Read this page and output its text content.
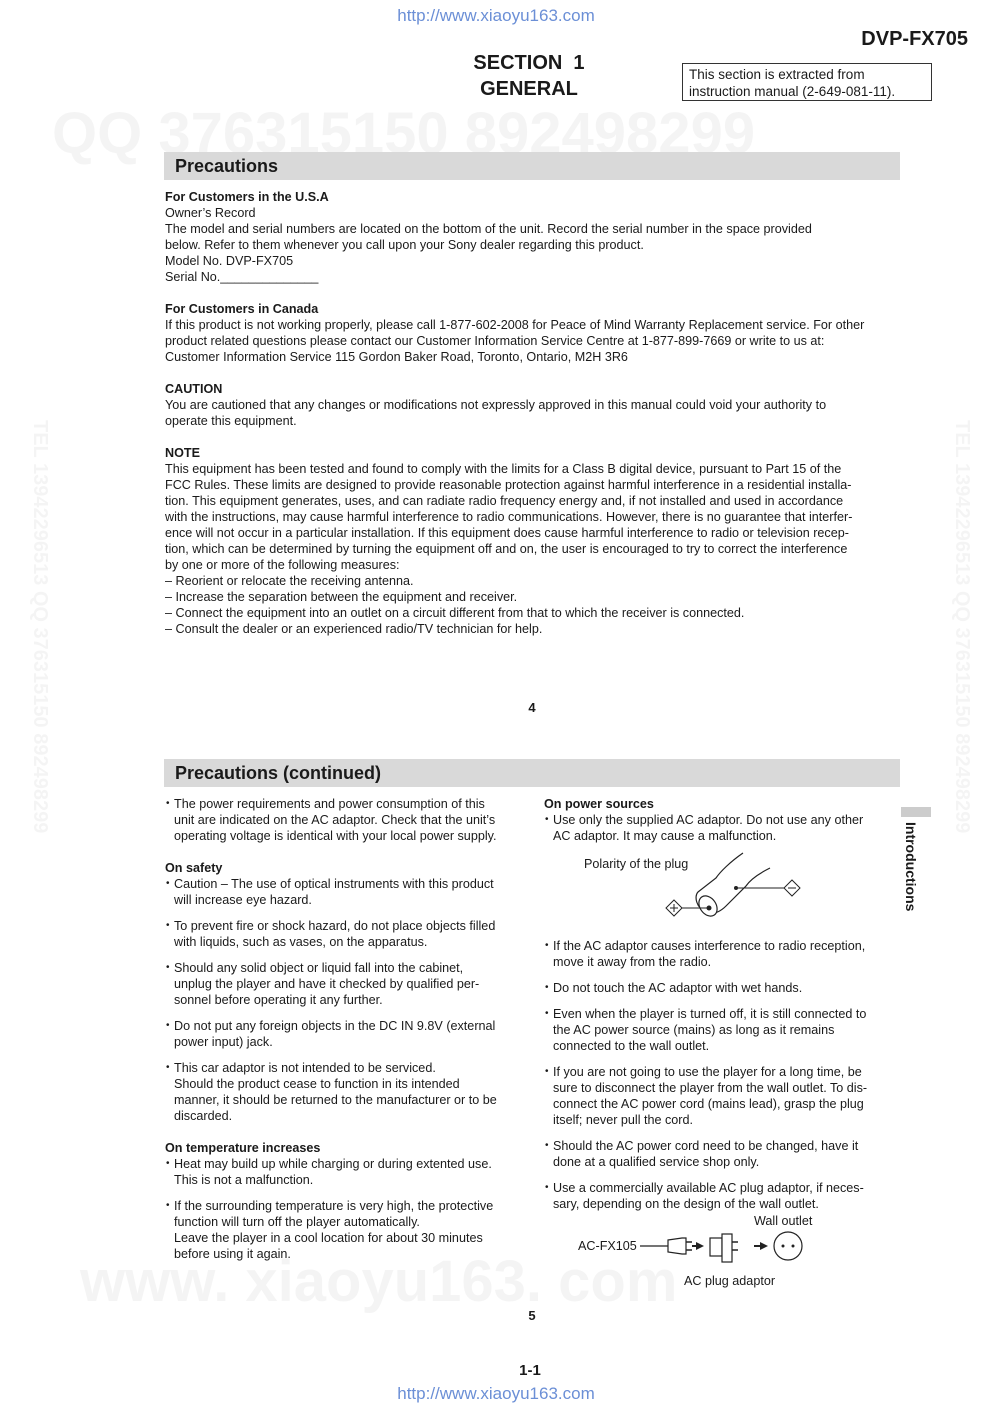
http://www.xiaoyu163.com
DVP-FX705
SECTION  1
GENERAL
This section is extracted from instruction manual (2-649-081-11).
Precautions

For Customers in the U.S.A

Owner’s Record

The model and serial numbers are located on the bottom of the unit. Record the serial number in the space provided

below. Refer to them whenever you call upon your Sony dealer regarding this product.

Model No. DVP-FX705

Serial No.______________

For Customers in Canada

If this product is not working properly, please call 1-877-602-2008 for Peace of Mind Warranty Replacement service. For other

product related questions please contact our Customer Information Service Centre at 1-877-899-7669 or write to us at:

Customer Information Service 115 Gordon Baker Road, Toronto, Ontario, M2H 3R6

CAUTION

You are cautioned that any changes or modifications not expressly approved in this manual could void your authority to

operate this equipment.

NOTE

This equipment has been tested and found to comply with the limits for a Class B digital device, pursuant to Part 15 of the

FCC Rules. These limits are designed to provide reasonable protection against harmful interference in a residential installa-

tion. This equipment generates, uses, and can radiate radio frequency energy and, if not installed and used in accordance

with the instructions, may cause harmful interference to radio communications. However, there is no guarantee that interfer-

ence will not occur in a particular installation. If this equipment does cause harmful interference to radio or television recep-

tion, which can be determined by turning the equipment off and on, the user is encouraged to try to correct the interference

by one or more of the following measures:

– Reorient or relocate the receiving antenna.

– Increase the separation between the equipment and receiver.

– Connect the equipment into an outlet on a circuit different from that to which the receiver is connected.

– Consult the dealer or an experienced radio/TV technician for help.

4
Precautions (continued)
Introductions

• The power requirements and power consumption of this

unit are indicated on the AC adaptor. Check that the unit’s

operating voltage is identical with your local power supply.

On safety

• Caution – The use of optical instruments with this product

will increase eye hazard.

• To prevent fire or shock hazard, do not place objects filled

with liquids, such as vases, on the apparatus.

• Should any solid object or liquid fall into the cabinet,

unplug the player and have it checked by qualified per-

sonnel before operating it any further.

• Do not put any foreign objects in the DC IN 9.8V (external

power input) jack.

• This car adaptor is not intended to be serviced.

Should the product cease to function in its intended

manner, it should be returned to the manufacturer or to be

discarded.

On temperature increases

• Heat may build up while charging or during extented use.

This is not a malfunction.

• If the surrounding temperature is very high, the protective

function will turn off the player automatically.

Leave the player in a cool location for about 30 minutes

before using it again.

On power sources

• Use only the supplied AC adaptor. Do not use any other

AC adaptor. It may cause a malfunction.

• If the AC adaptor causes interference to radio reception,

move it away from the radio.

• Do not touch the AC adaptor with wet hands.

• Even when the player is turned off, it is still connected to

the AC power source (mains) as long as it remains

connected to the wall outlet.

• If you are not going to use the player for a long time, be

sure to disconnect the player from the wall outlet. To dis-

connect the AC power cord (mains lead), grasp the plug

itself; never pull the cord.

• Should the AC power cord need to be changed, have it

done at a qualified service shop only.

• Use a commercially available AC plug adaptor, if neces-

sary, depending on the design of the wall outlet.

Polarity of the plug
Wall outlet
AC-FX105
AC plug adaptor
5
1-1
http://www.xiaoyu163.com
